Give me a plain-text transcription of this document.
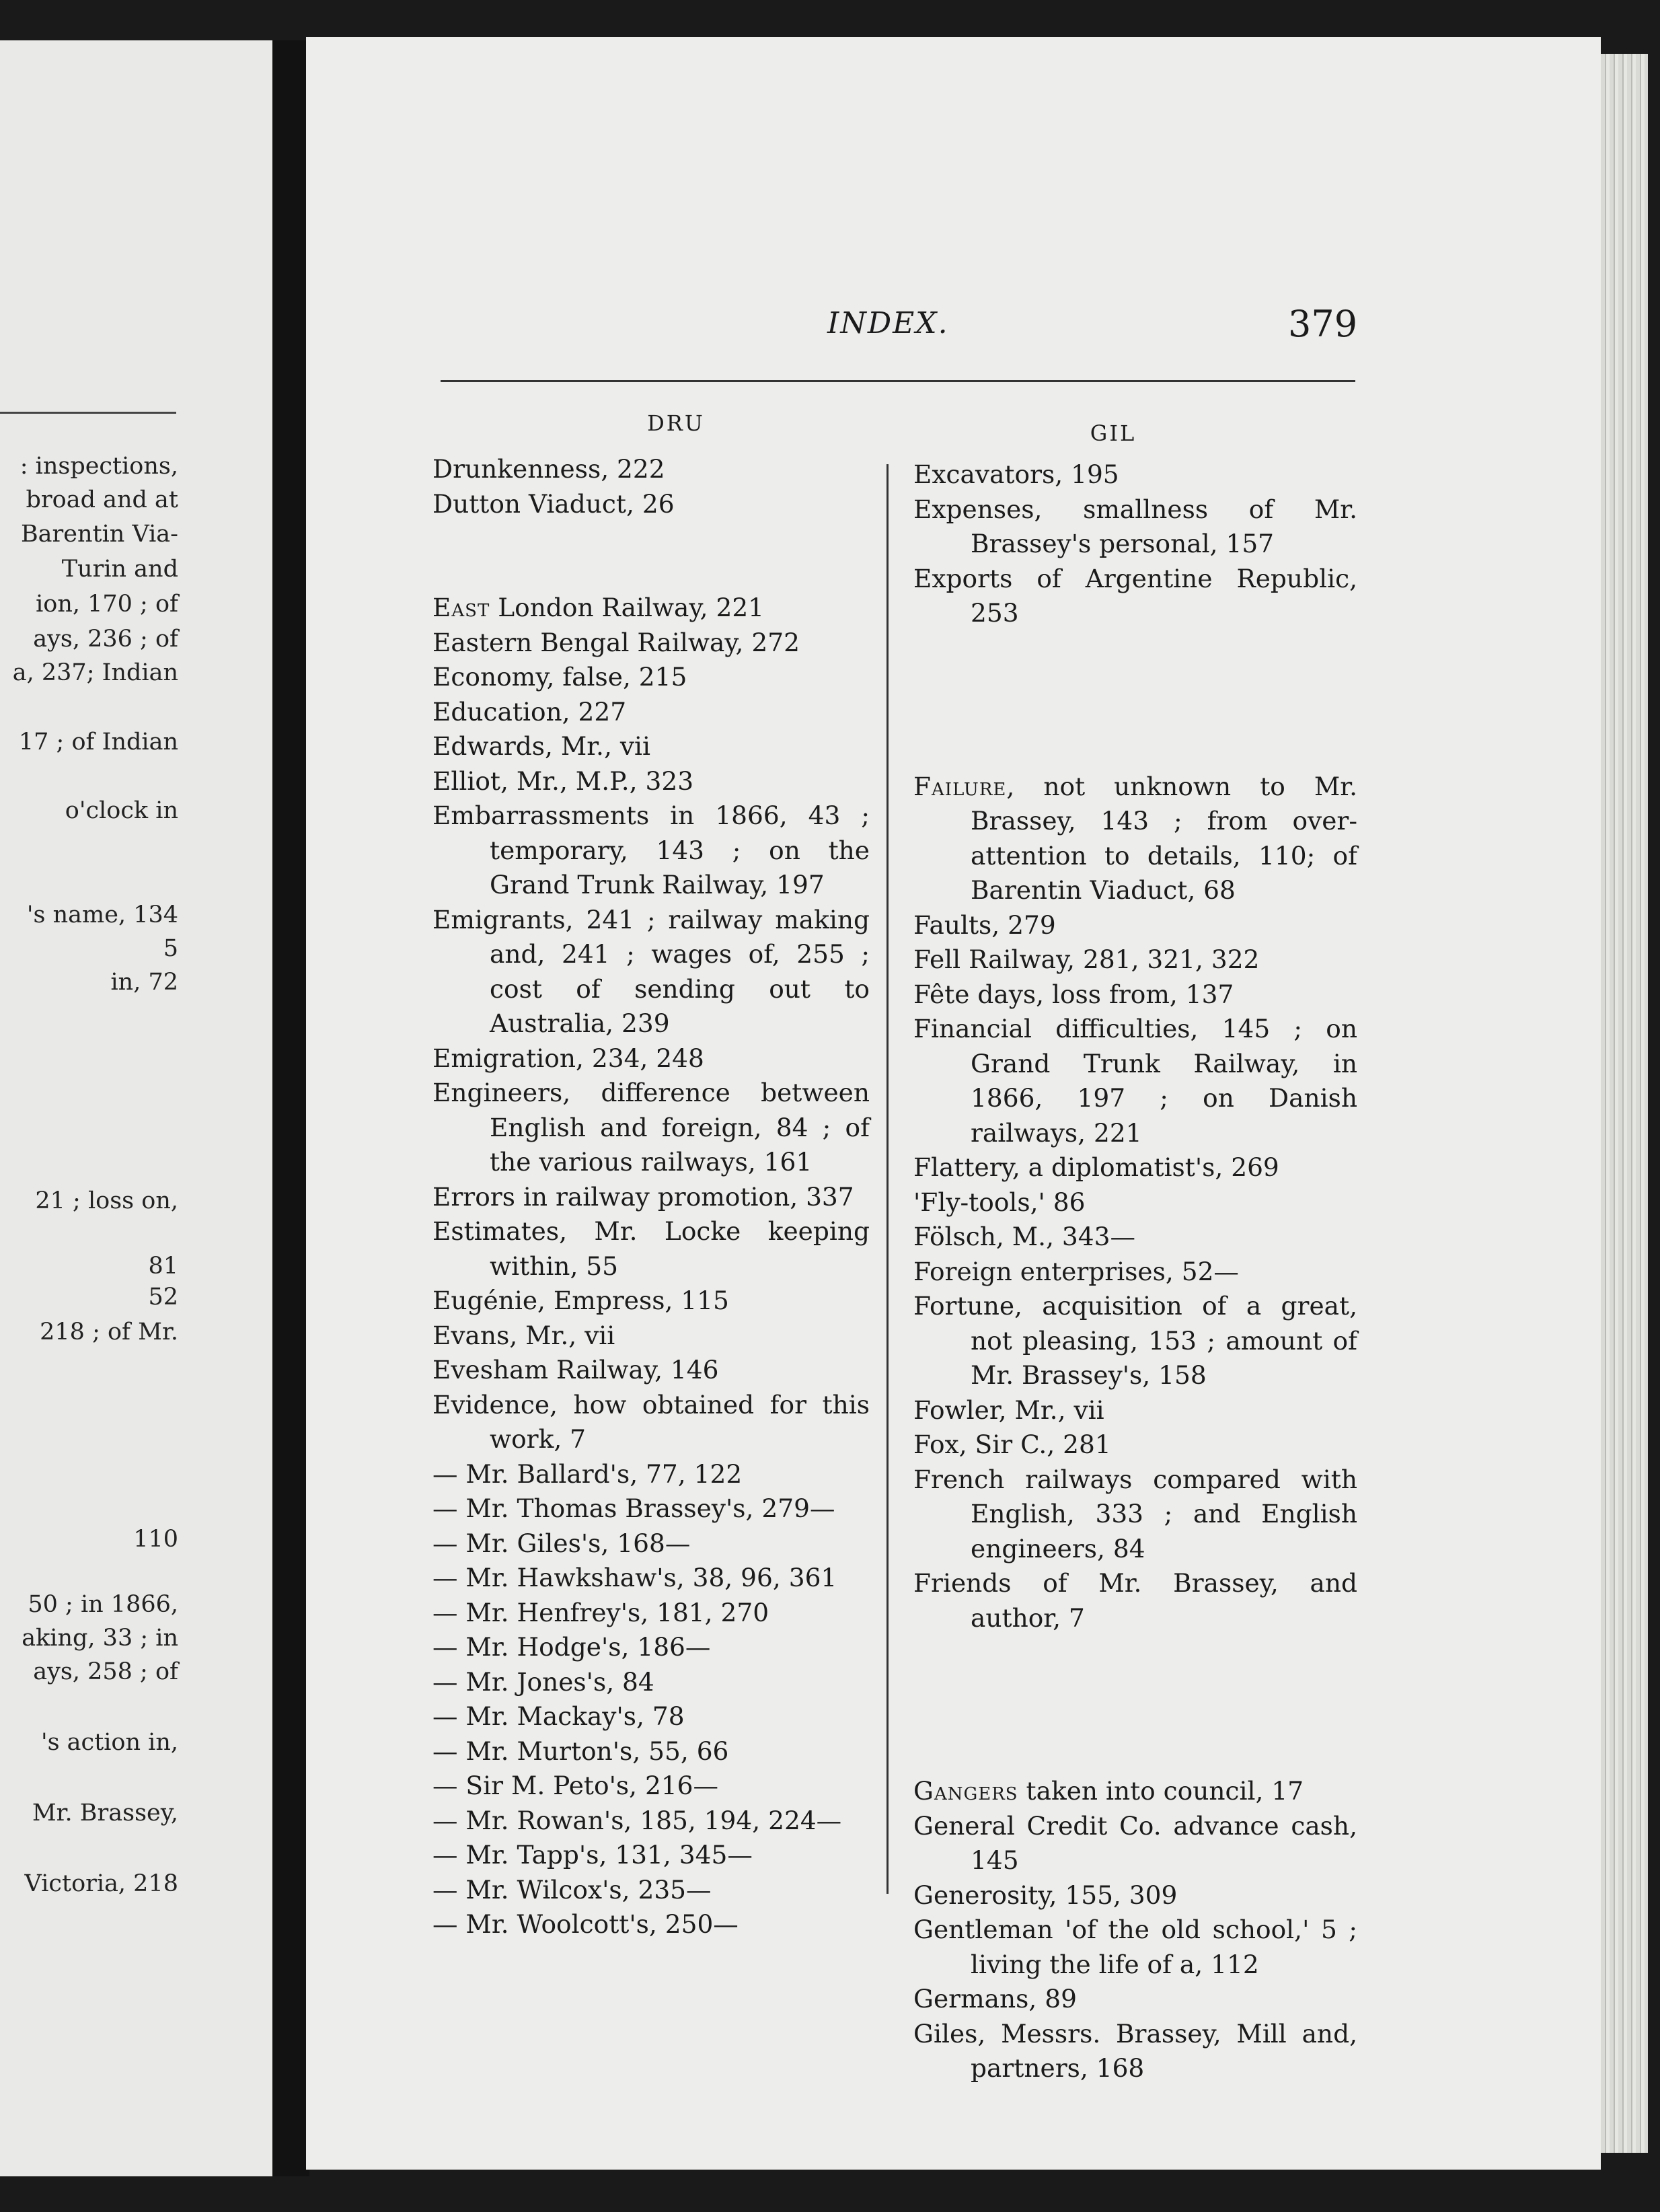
: inspections,
broad and at
Barentin Via-
Turin and
ion, 170 ; of
ays, 236 ; of
a, 237; Indian
17 ; of Indian
o'clock in
's name, 134
5
in, 72
21 ; loss on,
81
52
218 ; of Mr.
110
50 ; in 1866,
aking, 33 ; in
ays, 258 ; of
's action in,
Mr. Brassey,
Victoria, 218
INDEX.	379
DRU	GIL
Drunkenness, 222
Dutton Viaduct, 26
East London Railway, 221
Eastern Bengal Railway, 272
Economy, false, 215
Education, 227
Edwards, Mr., vii
Elliot, Mr., M.P., 323
Embarrassments in 1866, 43 ; temporary, 143 ; on the Grand Trunk Railway, 197
Emigrants, 241 ; railway making and, 241 ; wages of, 255 ; cost of sending out to Australia, 239
Emigration, 234, 248
Engineers, difference between English and foreign, 84 ; of the various railways, 161
Errors in railway promotion, 337
Estimates, Mr. Locke keeping within, 55
Eugénie, Empress, 115
Evans, Mr., vii
Evesham Railway, 146
Evidence, how obtained for this work, 7
— Mr. Ballard's, 77, 122
— Mr. Thomas Brassey's, 279—
— Mr. Giles's, 168—
— Mr. Hawkshaw's, 38, 96, 361
— Mr. Henfrey's, 181, 270
— Mr. Hodge's, 186—
— Mr. Jones's, 84
— Mr. Mackay's, 78
— Mr. Murton's, 55, 66
— Sir M. Peto's, 216—
— Mr. Rowan's, 185, 194, 224—
— Mr. Tapp's, 131, 345—
— Mr. Wilcox's, 235—
— Mr. Woolcott's, 250—
Excavators, 195
Expenses, smallness of Mr. Brassey's personal, 157
Exports of Argentine Republic, 253
Failure, not unknown to Mr. Brassey, 143 ; from over-attention to details, 110; of Barentin Viaduct, 68
Faults, 279
Fell Railway, 281, 321, 322
Fête days, loss from, 137
Financial difficulties, 145 ; on Grand Trunk Railway, in 1866, 197 ; on Danish railways, 221
Flattery, a diplomatist's, 269
'Fly-tools,' 86
Fölsch, M., 343—
Foreign enterprises, 52—
Fortune, acquisition of a great, not pleasing, 153 ; amount of Mr. Brassey's, 158
Fowler, Mr., vii
Fox, Sir C., 281
French railways compared with English, 333 ; and English engineers, 84
Friends of Mr. Brassey, and author, 7
Gangers taken into council, 17
General Credit Co. advance cash, 145
Generosity, 155, 309
Gentleman 'of the old school,' 5 ; living the life of a, 112
Germans, 89
Giles, Messrs. Brassey, Mill and, partners, 168
